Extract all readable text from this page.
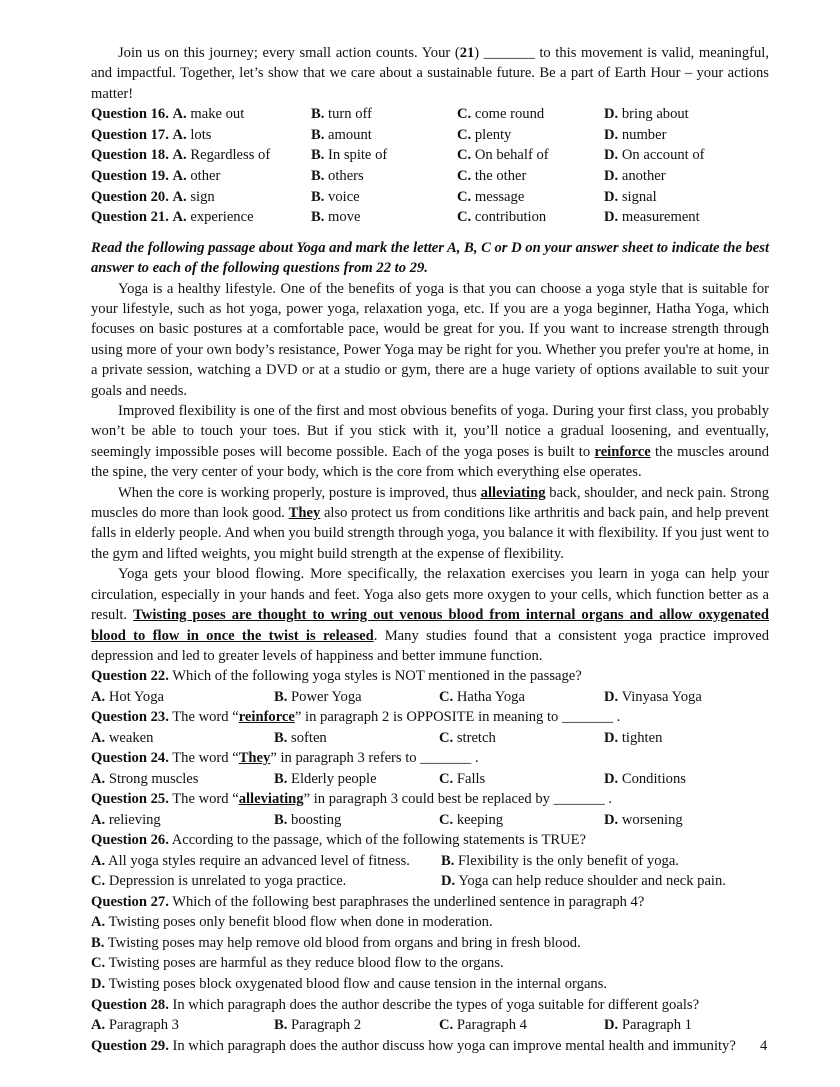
Join us on this journey; every small action counts. Your (21) _______ to this movement is valid, meaningful, and impactful. Together, let’s show that we care about a sustainable future. Be a part of Earth Hour – your actions matter!

Question 16. A. make out	B. turn off	C. come round	D. bring about
Question 17. A. lots	B. amount	C. plenty	D. number
Question 18. A. Regardless of	B. In spite of	C. On behalf of	D. On account of
Question 19. A. other	B. others	C. the other	D. another
Question 20. A. sign	B. voice	C. message	D. signal
Question 21. A. experience	B. move	C. contribution	D. measurement

Read the following passage about Yoga and mark the letter A, B, C or D on your answer sheet to indicate the best answer to each of the following questions from 22 to 29.

Yoga is a healthy lifestyle. One of the benefits of yoga is that you can choose a yoga style that is suitable for your lifestyle, such as hot yoga, power yoga, relaxation yoga, etc. If you are a yoga beginner, Hatha Yoga, which focuses on basic postures at a comfortable pace, would be great for you. If you want to increase strength through using more of your own body’s resistance, Power Yoga may be right for you. Whether you prefer you're at home, in a private session, watching a DVD or at a studio or gym, there are a huge variety of options available to suit your goals and needs.

Improved flexibility is one of the first and most obvious benefits of yoga. During your first class, you probably won’t be able to touch your toes. But if you stick with it, you’ll notice a gradual loosening, and eventually, seemingly impossible poses will become possible. Each of the yoga poses is built to reinforce the muscles around the spine, the very center of your body, which is the core from which everything else operates.

When the core is working properly, posture is improved, thus alleviating back, shoulder, and neck pain. Strong muscles do more than look good. They also protect us from conditions like arthritis and back pain, and help prevent falls in elderly people. And when you build strength through yoga, you balance it with flexibility. If you just went to the gym and lifted weights, you might build strength at the expense of flexibility.

Yoga gets your blood flowing. More specifically, the relaxation exercises you learn in yoga can help your circulation, especially in your hands and feet. Yoga also gets more oxygen to your cells, which function better as a result. Twisting poses are thought to wring out venous blood from internal organs and allow oxygenated blood to flow in once the twist is released. Many studies found that a consistent yoga practice improved depression and led to greater levels of happiness and better immune function.

Question 22. Which of the following yoga styles is NOT mentioned in the passage?

A. Hot Yoga	B. Power Yoga	C. Hatha Yoga	D. Vinyasa Yoga

Question 23. The word “reinforce” in paragraph 2 is OPPOSITE in meaning to _______ .

A. weaken	B. soften	C. stretch	D. tighten

Question 24. The word “They” in paragraph 3 refers to _______ .

A. Strong muscles	B. Elderly people	C. Falls	D. Conditions

Question 25. The word “alleviating” in paragraph 3 could best be replaced by _______ .

A. relieving	B. boosting	C. keeping	D. worsening

Question 26. According to the passage, which of the following statements is TRUE?

A. All yoga styles require an advanced level of fitness.	B. Flexibility is the only benefit of yoga.
C. Depression is unrelated to yoga practice.	D. Yoga can help reduce shoulder and neck pain.

Question 27. Which of the following best paraphrases the underlined sentence in paragraph 4?

A. Twisting poses only benefit blood flow when done in moderation.

B. Twisting poses may help remove old blood from organs and bring in fresh blood.

C. Twisting poses are harmful as they reduce blood flow to the organs.

D. Twisting poses block oxygenated blood flow and cause tension in the internal organs.

Question 28. In which paragraph does the author describe the types of yoga suitable for different goals?

A. Paragraph 3	B. Paragraph 2	C. Paragraph 4	D. Paragraph 1

Question 29. In which paragraph does the author discuss how yoga can improve mental health and immunity?	4
